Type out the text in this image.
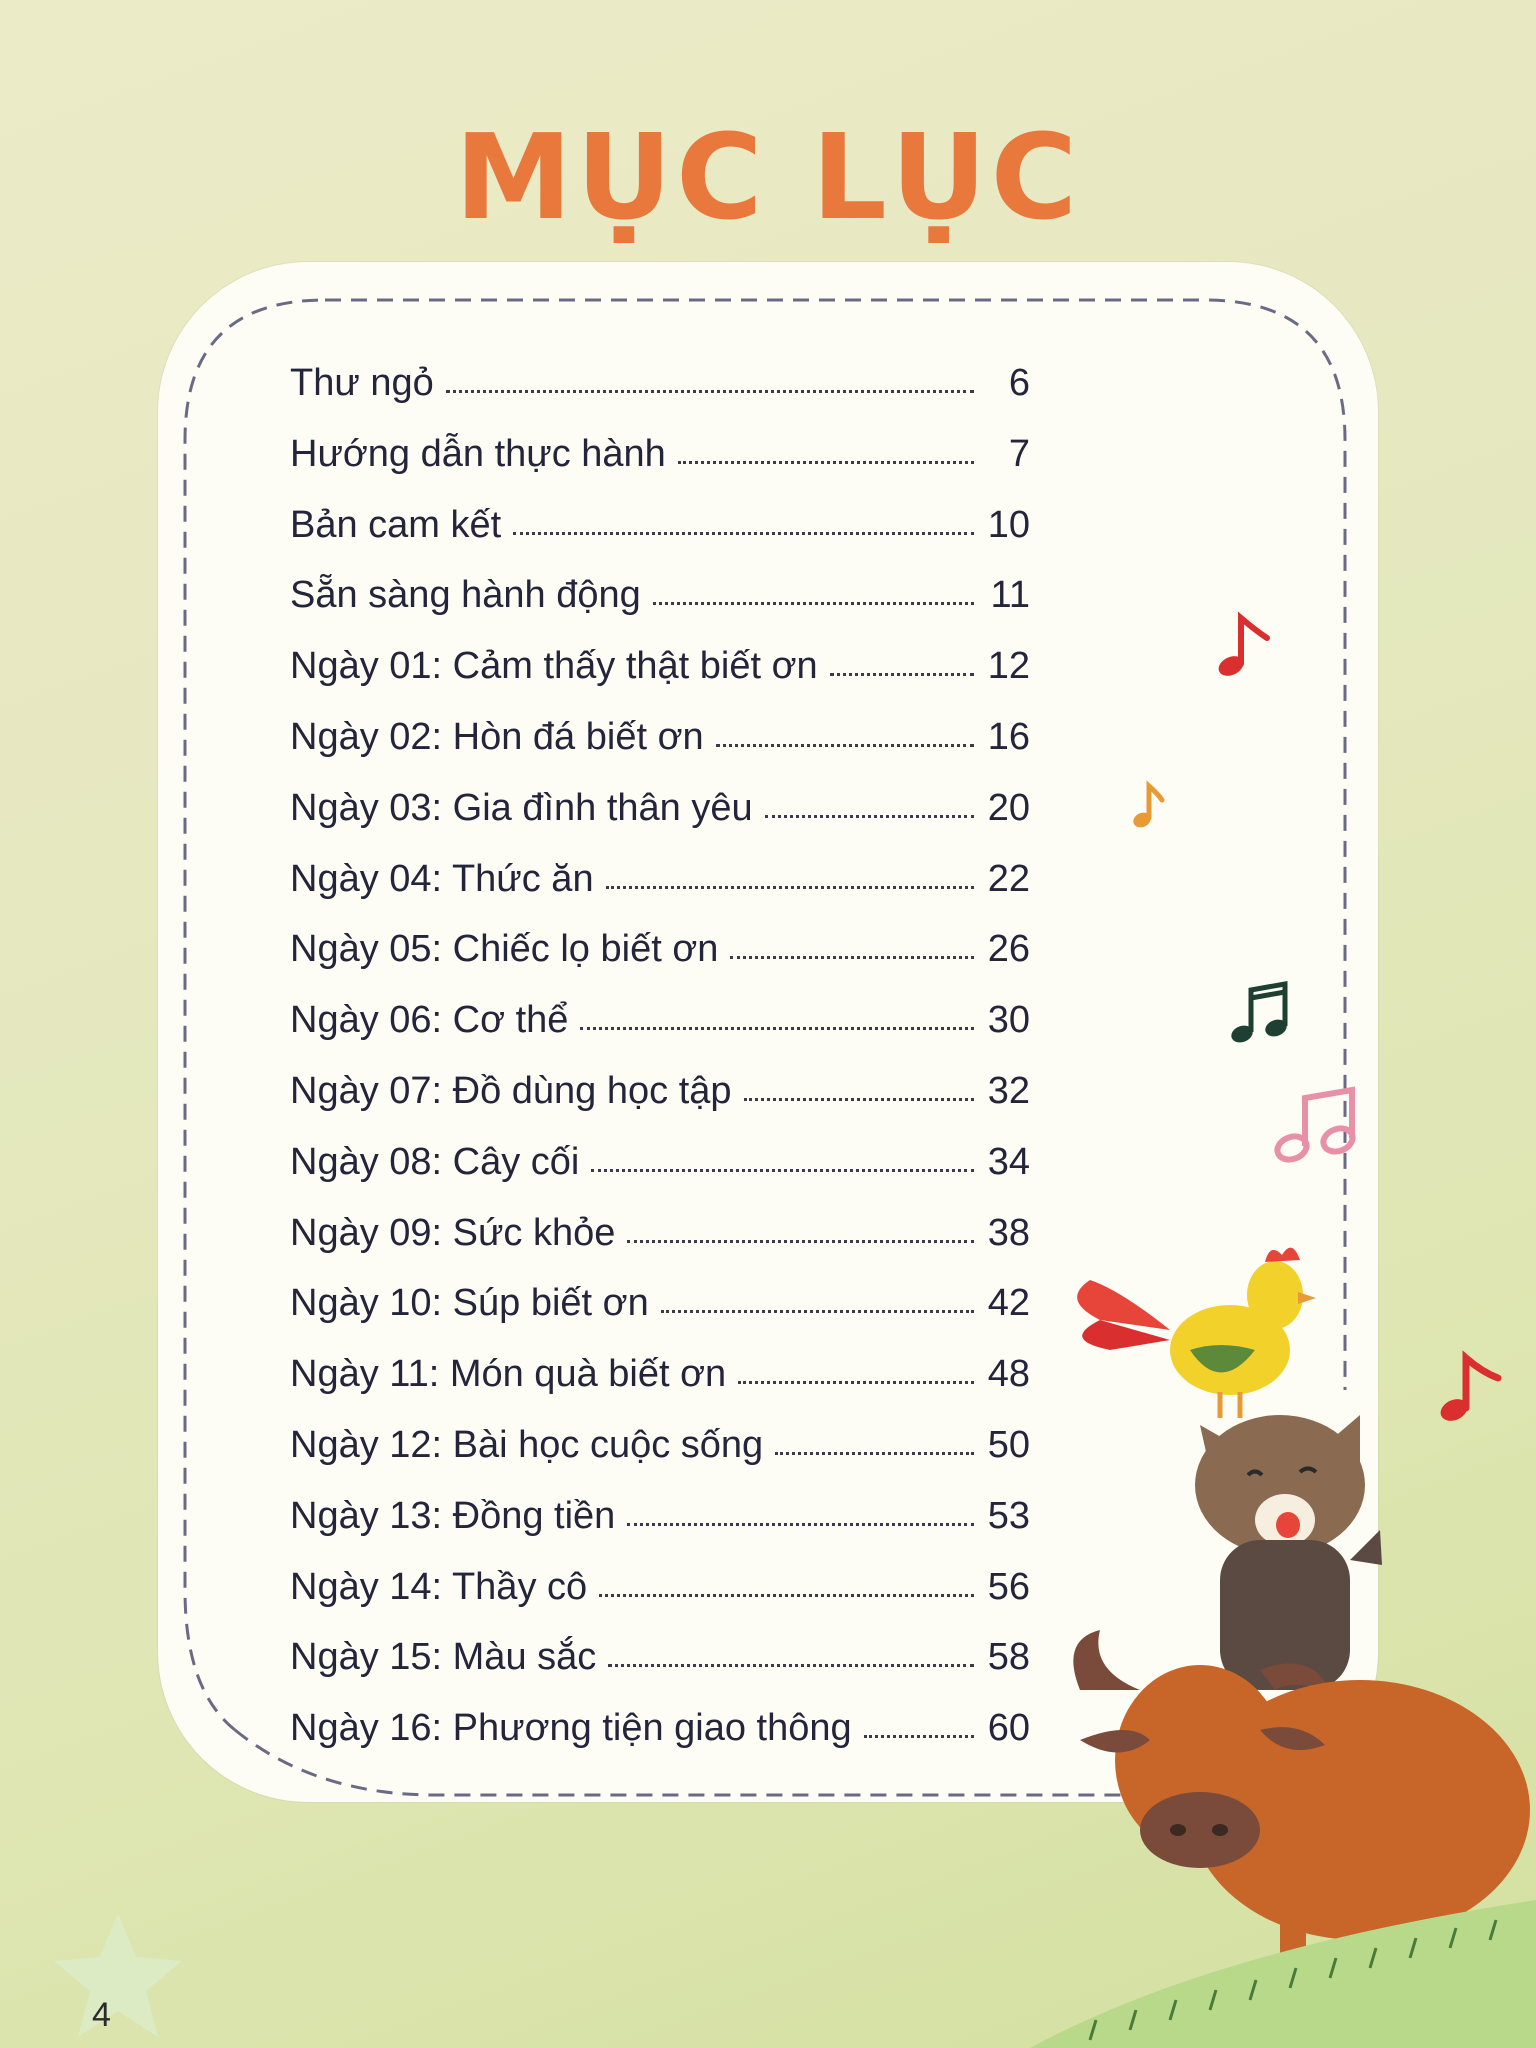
MỤC LỤC
Thư ngỏ	6
Hướng dẫn thực hành	7
Bản cam kết	10
Sẵn sàng hành động	11
Ngày 01: Cảm thấy thật biết ơn	12
Ngày 02: Hòn đá biết ơn	16
Ngày 03: Gia đình thân yêu	20
Ngày 04: Thức ăn	22
Ngày 05: Chiếc lọ biết ơn	26
Ngày 06: Cơ thể	30
Ngày 07: Đồ dùng học tập	32
Ngày 08: Cây cối	34
Ngày 09: Sức khỏe	38
Ngày 10: Súp biết ơn	42
Ngày 11: Món quà biết ơn	48
Ngày 12: Bài học cuộc sống	50
Ngày 13: Đồng tiền	53
Ngày 14: Thầy cô	56
Ngày 15: Màu sắc	58
Ngày 16: Phương tiện giao thông	60
4
